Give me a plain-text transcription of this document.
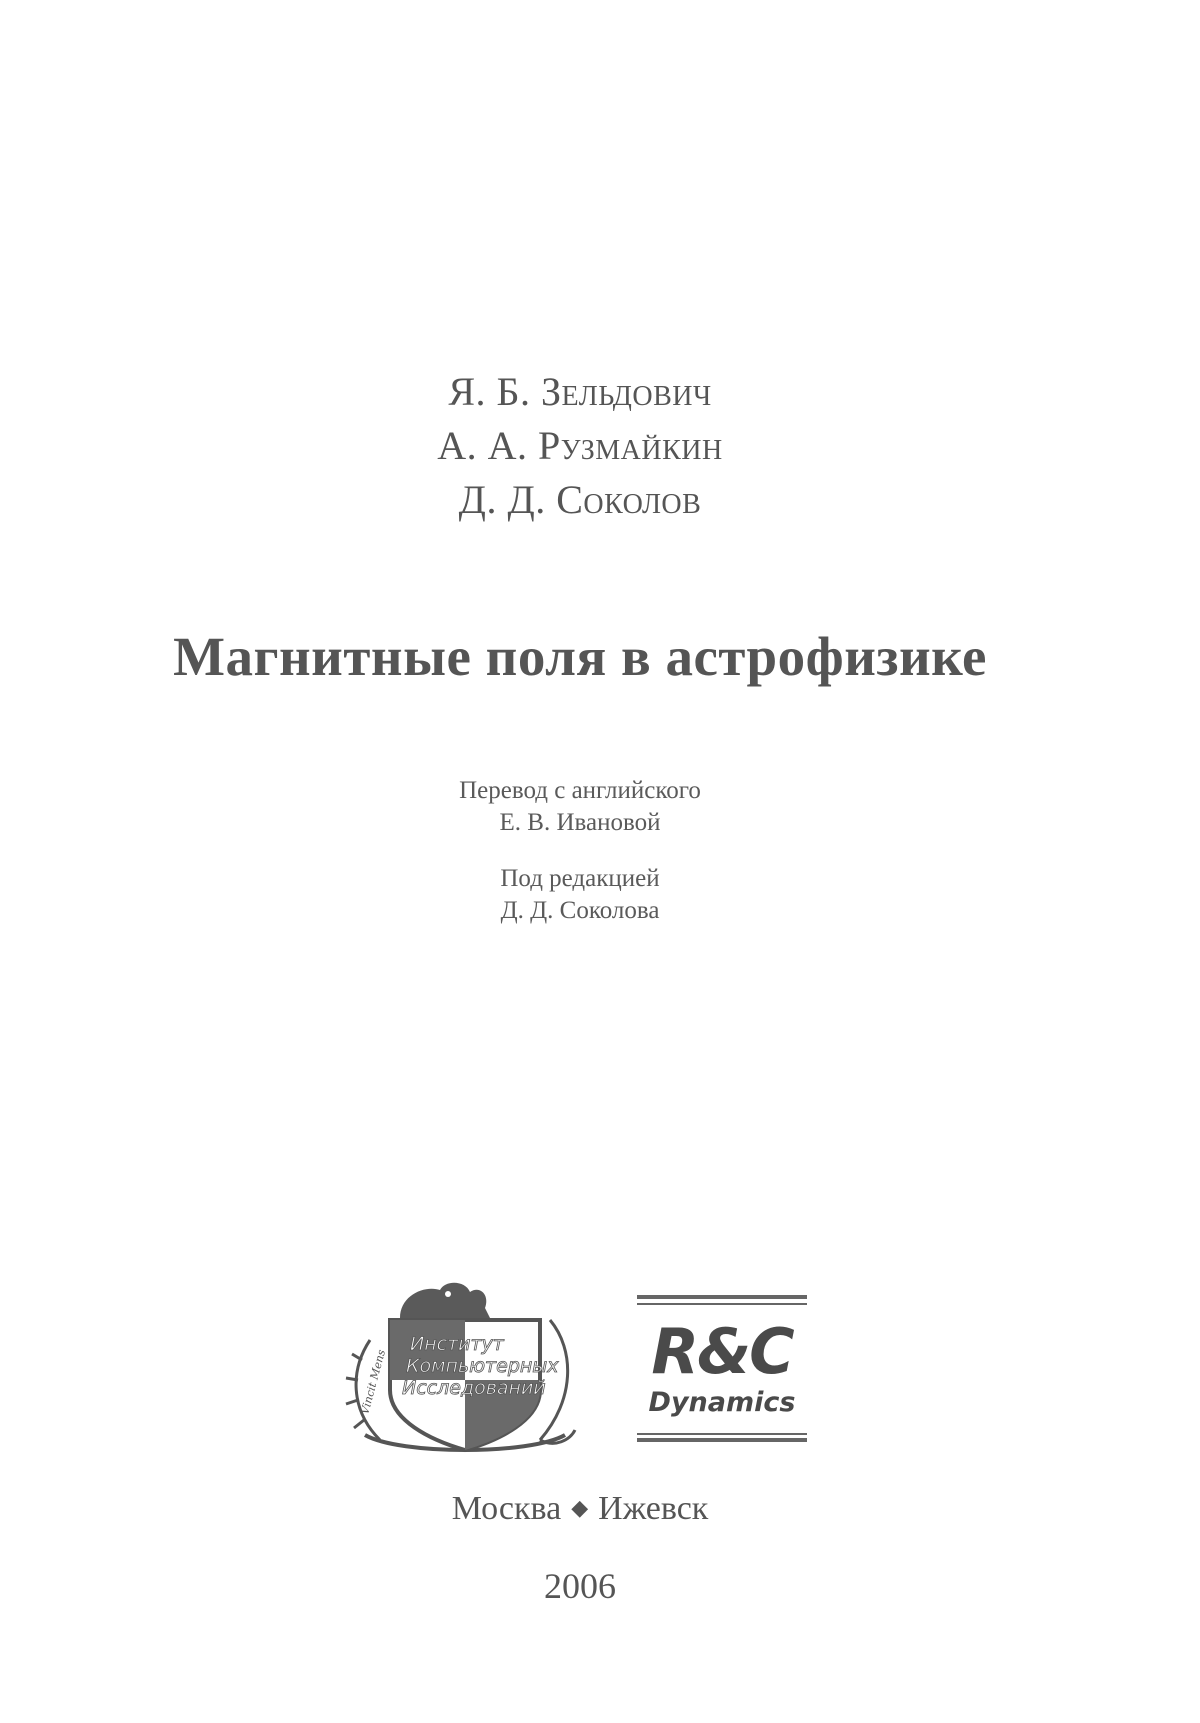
Я. Б. Зельдович
А. А. Рузмайкин
Д. Д. Соколов
Магнитные поля в астрофизике
Перевод с английского
Е. В. Ивановой
Под редакцией
Д. Д. Соколова
Институт
Компьютерных
Исследований
Vincit Mens	R&C
Dynamics
Москва ◆ Ижевск
2006
